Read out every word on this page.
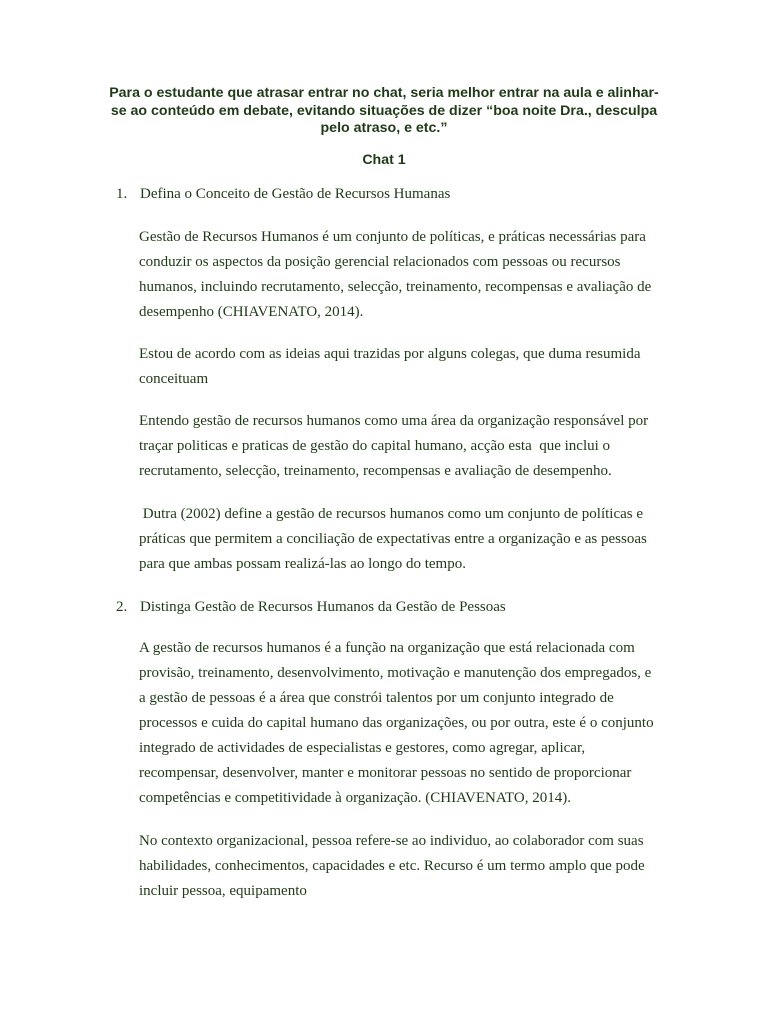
Para o estudante que atrasar entrar no chat, seria melhor entrar na aula e alinhar-
se ao conteúdo em debate, evitando situações de dizer “boa noite Dra., desculpa
pelo atraso, e etc.”

Chat 1

1. Defina o Conceito de Gestão de Recursos Humanas

Gestão de Recursos Humanos é um conjunto de políticas, e práticas necessárias para
conduzir os aspectos da posição gerencial relacionados com pessoas ou recursos
humanos, incluindo recrutamento, selecção, treinamento, recompensas e avaliação de
desempenho (CHIAVENATO, 2014).

Estou de acordo com as ideias aqui trazidas por alguns colegas, que duma resumida
conceituam

Entendo gestão de recursos humanos como uma área da organização responsável por
traçar politicas e praticas de gestão do capital humano, acção esta  que inclui o
recrutamento, selecção, treinamento, recompensas e avaliação de desempenho.

Dutra (2002) define a gestão de recursos humanos como um conjunto de políticas e
práticas que permitem a conciliação de expectativas entre a organização e as pessoas
para que ambas possam realizá-las ao longo do tempo.

2. Distinga Gestão de Recursos Humanos da Gestão de Pessoas

A gestão de recursos humanos é a função na organização que está relacionada com
provisão, treinamento, desenvolvimento, motivação e manutenção dos empregados, e
a gestão de pessoas é a área que constrói talentos por um conjunto integrado de
processos e cuida do capital humano das organizações, ou por outra, este é o conjunto
integrado de actividades de especialistas e gestores, como agregar, aplicar,
recompensar, desenvolver, manter e monitorar pessoas no sentido de proporcionar
competências e competitividade à organização. (CHIAVENATO, 2014).

No contexto organizacional, pessoa refere-se ao individuo, ao colaborador com suas
habilidades, conhecimentos, capacidades e etc. Recurso é um termo amplo que pode
incluir pessoa, equipamento
